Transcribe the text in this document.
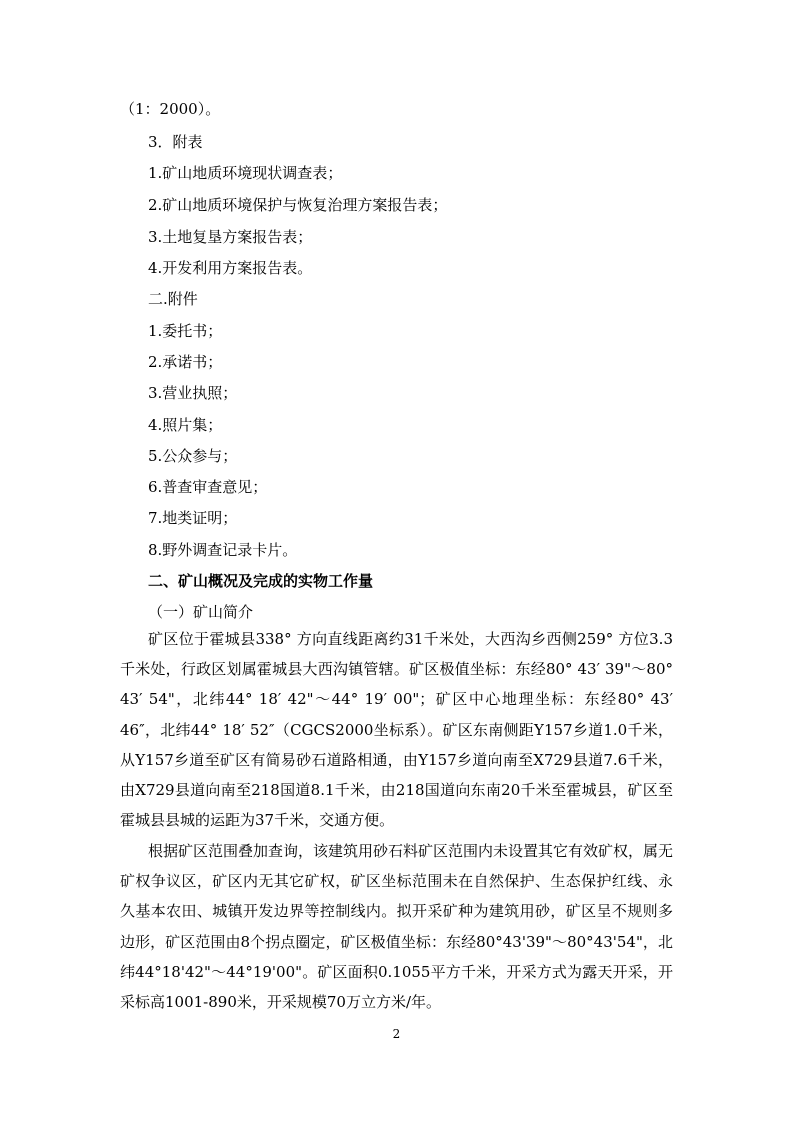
（1：2000）。
3．附表
1.矿山地质环境现状调查表；
2.矿山地质环境保护与恢复治理方案报告表；
3.土地复垦方案报告表；
4.开发利用方案报告表。
二.附件
1.委托书；
2.承诺书；
3.营业执照；
4.照片集；
5.公众参与；
6.普查审查意见；
7.地类证明；
8.野外调查记录卡片。
二、矿山概况及完成的实物工作量
（一）矿山简介
矿区位于霍城县338° 方向直线距离约31千米处，大西沟乡西侧259° 方位3.3千米处，行政区划属霍城县大西沟镇管辖。矿区极值坐标：东经80° 43′ 39"～80° 43′ 54"，北纬44° 18′ 42"～44° 19′ 00"；矿区中心地理坐标：东经80° 43′ 46″，北纬44° 18′ 52″（CGCS2000坐标系）。矿区东南侧距Y157乡道1.0千米，从Y157乡道至矿区有简易砂石道路相通，由Y157乡道向南至X729县道7.6千米，由X729县道向南至218国道8.1千米，由218国道向东南20千米至霍城县，矿区至霍城县县城的运距为37千米，交通方便。
根据矿区范围叠加查询，该建筑用砂石料矿区范围内未设置其它有效矿权，属无矿权争议区，矿区内无其它矿权，矿区坐标范围未在自然保护、生态保护红线、永久基本农田、城镇开发边界等控制线内。拟开采矿种为建筑用砂，矿区呈不规则多边形，矿区范围由8个拐点圈定，矿区极值坐标：东经80°43'39"～80°43'54"，北纬44°18'42"～44°19'00"。矿区面积0.1055平方千米，开采方式为露天开采，开采标高1001-890米，开采规模70万立方米/年。
2
